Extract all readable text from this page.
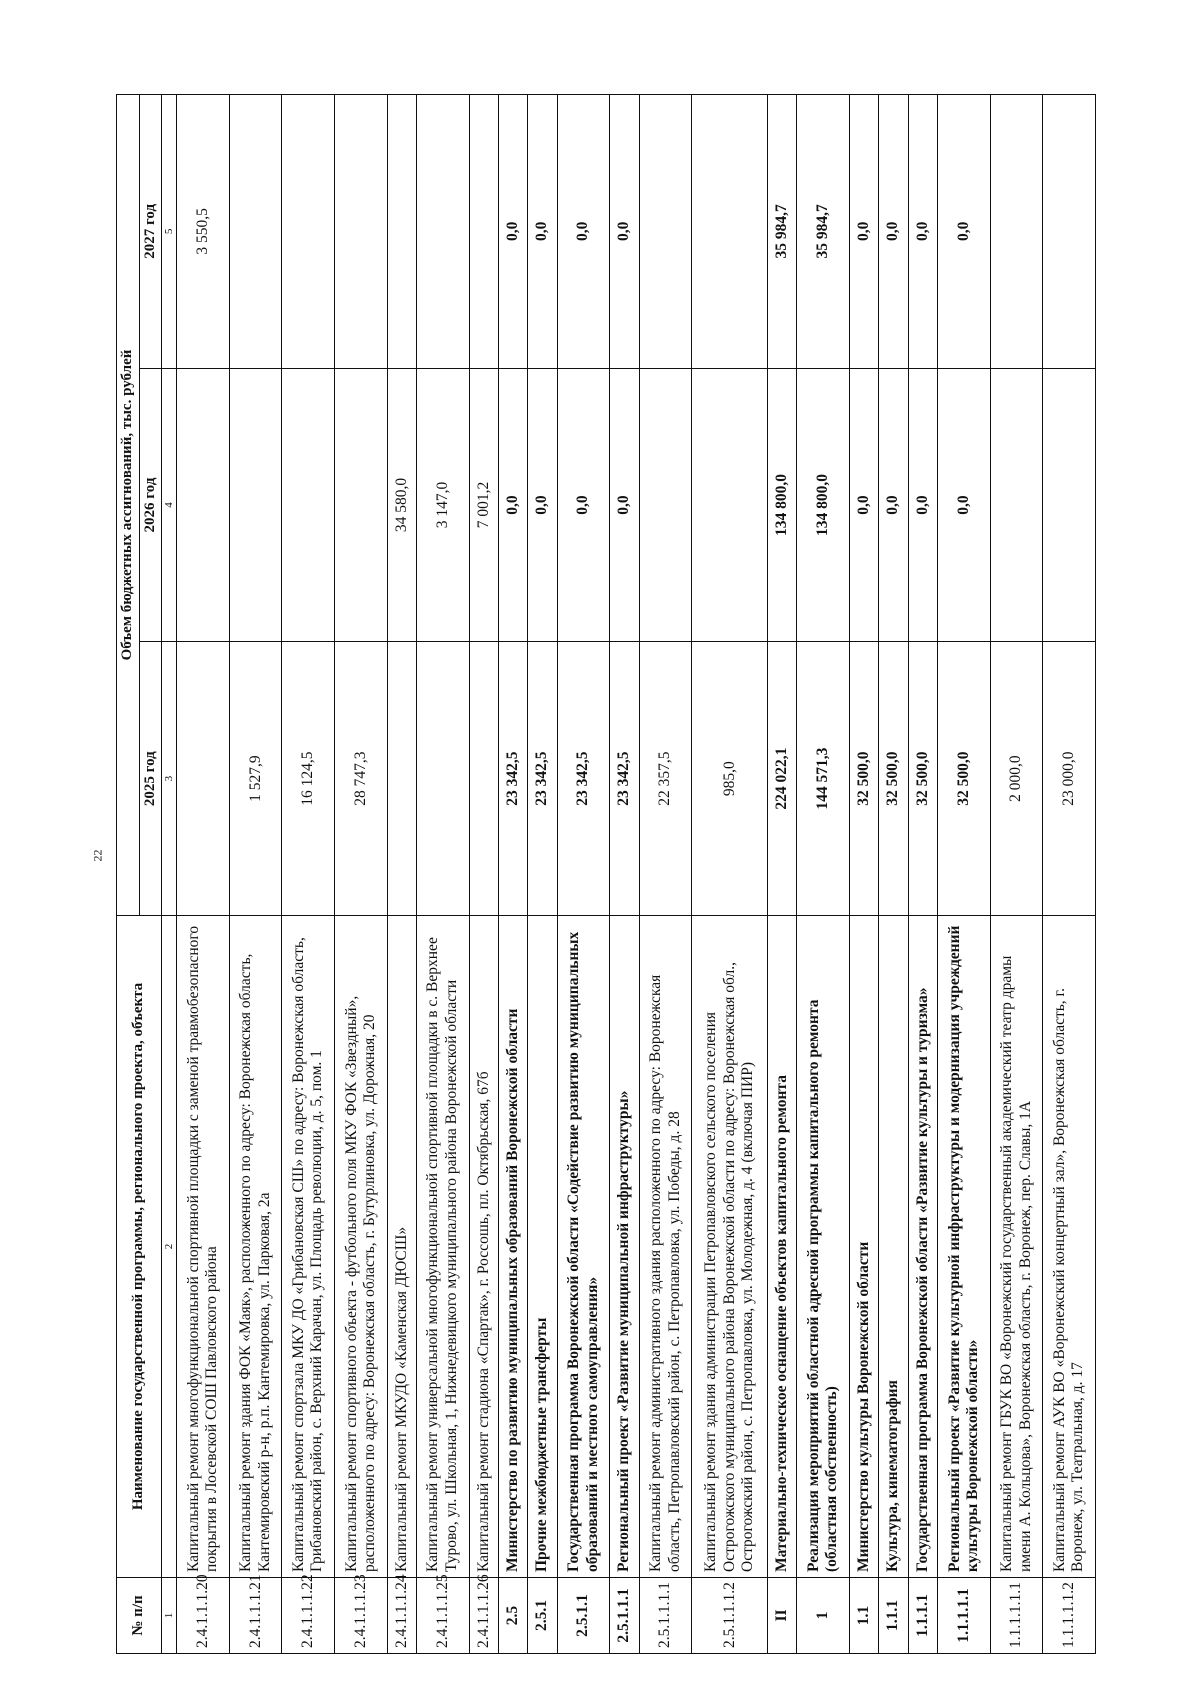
22
№ п/п	Наименование государственной программы, регионального проекта, объекта	Объем бюджетных ассигнований, тыс. рублей		
		2025 год	2026 год	2027 год
1	2	3	4	5
2.4.1.1.1.20	Капитальный ремонт многофункциональной спортивной площадки с заменой травмобезопасного покрытия в Лосевской СОШ Павловского района			3 550,5
2.4.1.1.1.21	Капитальный ремонт здания ФОК «Маяк», расположенного по адресу: Воронежская область, Кантемировский р-н, р.п. Кантемировка, ул. Парковая, 2а	1 527,9		
2.4.1.1.1.22	Капитальный ремонт спортзала МКУ ДО «Грибановская СШ» по адресу: Воронежская область, Грибановский район, с. Верхний Карачан, ул. Площадь революции, д. 5, пом. 1	16 124,5		
2.4.1.1.1.23	Капитальный ремонт спортивного объекта - футбольного поля МКУ ФОК «Звездный», расположенного по адресу: Воронежская область, г. Бутурлиновка, ул. Дорожная, 20	28 747,3		
2.4.1.1.1.24	Капитальный ремонт МКУДО «Каменская ДЮСШ»		34 580,0	
2.4.1.1.1.25	Капитальный ремонт универсальной многофункциональной спортивной площадки в с. Верхнее Турово, ул. Школьная, 1, Нижнедевицкого муниципального района Воронежской области		3 147,0	
2.4.1.1.1.26	Капитальный ремонт стадиона «Спартак», г. Россошь, пл. Октябрьская, 67б		7 001,2	
2.5	Министерство по развитию муниципальных образований Воронежской области	23 342,5	0,0	0,0
2.5.1	Прочие межбюджетные трансферты	23 342,5	0,0	0,0
2.5.1.1	Государственная программа Воронежской области «Содействие развитию муниципальных образований и местного самоуправления»	23 342,5	0,0	0,0
2.5.1.1.1	Региональный проект «Развитие муниципальной инфраструктуры»	23 342,5	0,0	0,0
2.5.1.1.1.1	Капитальный ремонт административного здания расположенного по адресу: Воронежская область, Петропавловский район, с. Петропавловка, ул. Победы, д. 28	22 357,5		
2.5.1.1.1.2	Капитальный ремонт здания администрации Петропавловского сельского поселения Острогожского муниципального района Воронежской области по адресу: Воронежская обл., Острогожский район, с. Петропавловка, ул. Молодежная, д. 4 (включая ПИР)	985,0		
II	Материально-техническое оснащение объектов капитального ремонта	224 022,1	134 800,0	35 984,7
1	Реализация мероприятий областной адресной программы капитального ремонта (областная собственность)	144 571,3	134 800,0	35 984,7
1.1	Министерство культуры Воронежской области	32 500,0	0,0	0,0
1.1.1	Культура, кинематография	32 500,0	0,0	0,0
1.1.1.1	Государственная программа Воронежской области «Развитие культуры и туризма»	32 500,0	0,0	0,0
1.1.1.1.1	Региональный проект «Развитие культурной инфраструктуры и модернизация учреждений культуры Воронежской области»	32 500,0	0,0	0,0
1.1.1.1.1.1	Капитальный ремонт ГБУК ВО «Воронежский государственный академический театр драмы имени А. Кольцова», Воронежская область, г. Воронеж, пер. Славы, 1А	2 000,0		
1.1.1.1.1.2	Капитальный ремонт АУК ВО «Воронежский концертный зал», Воронежская область, г. Воронеж, ул. Театральная, д. 17	23 000,0		
